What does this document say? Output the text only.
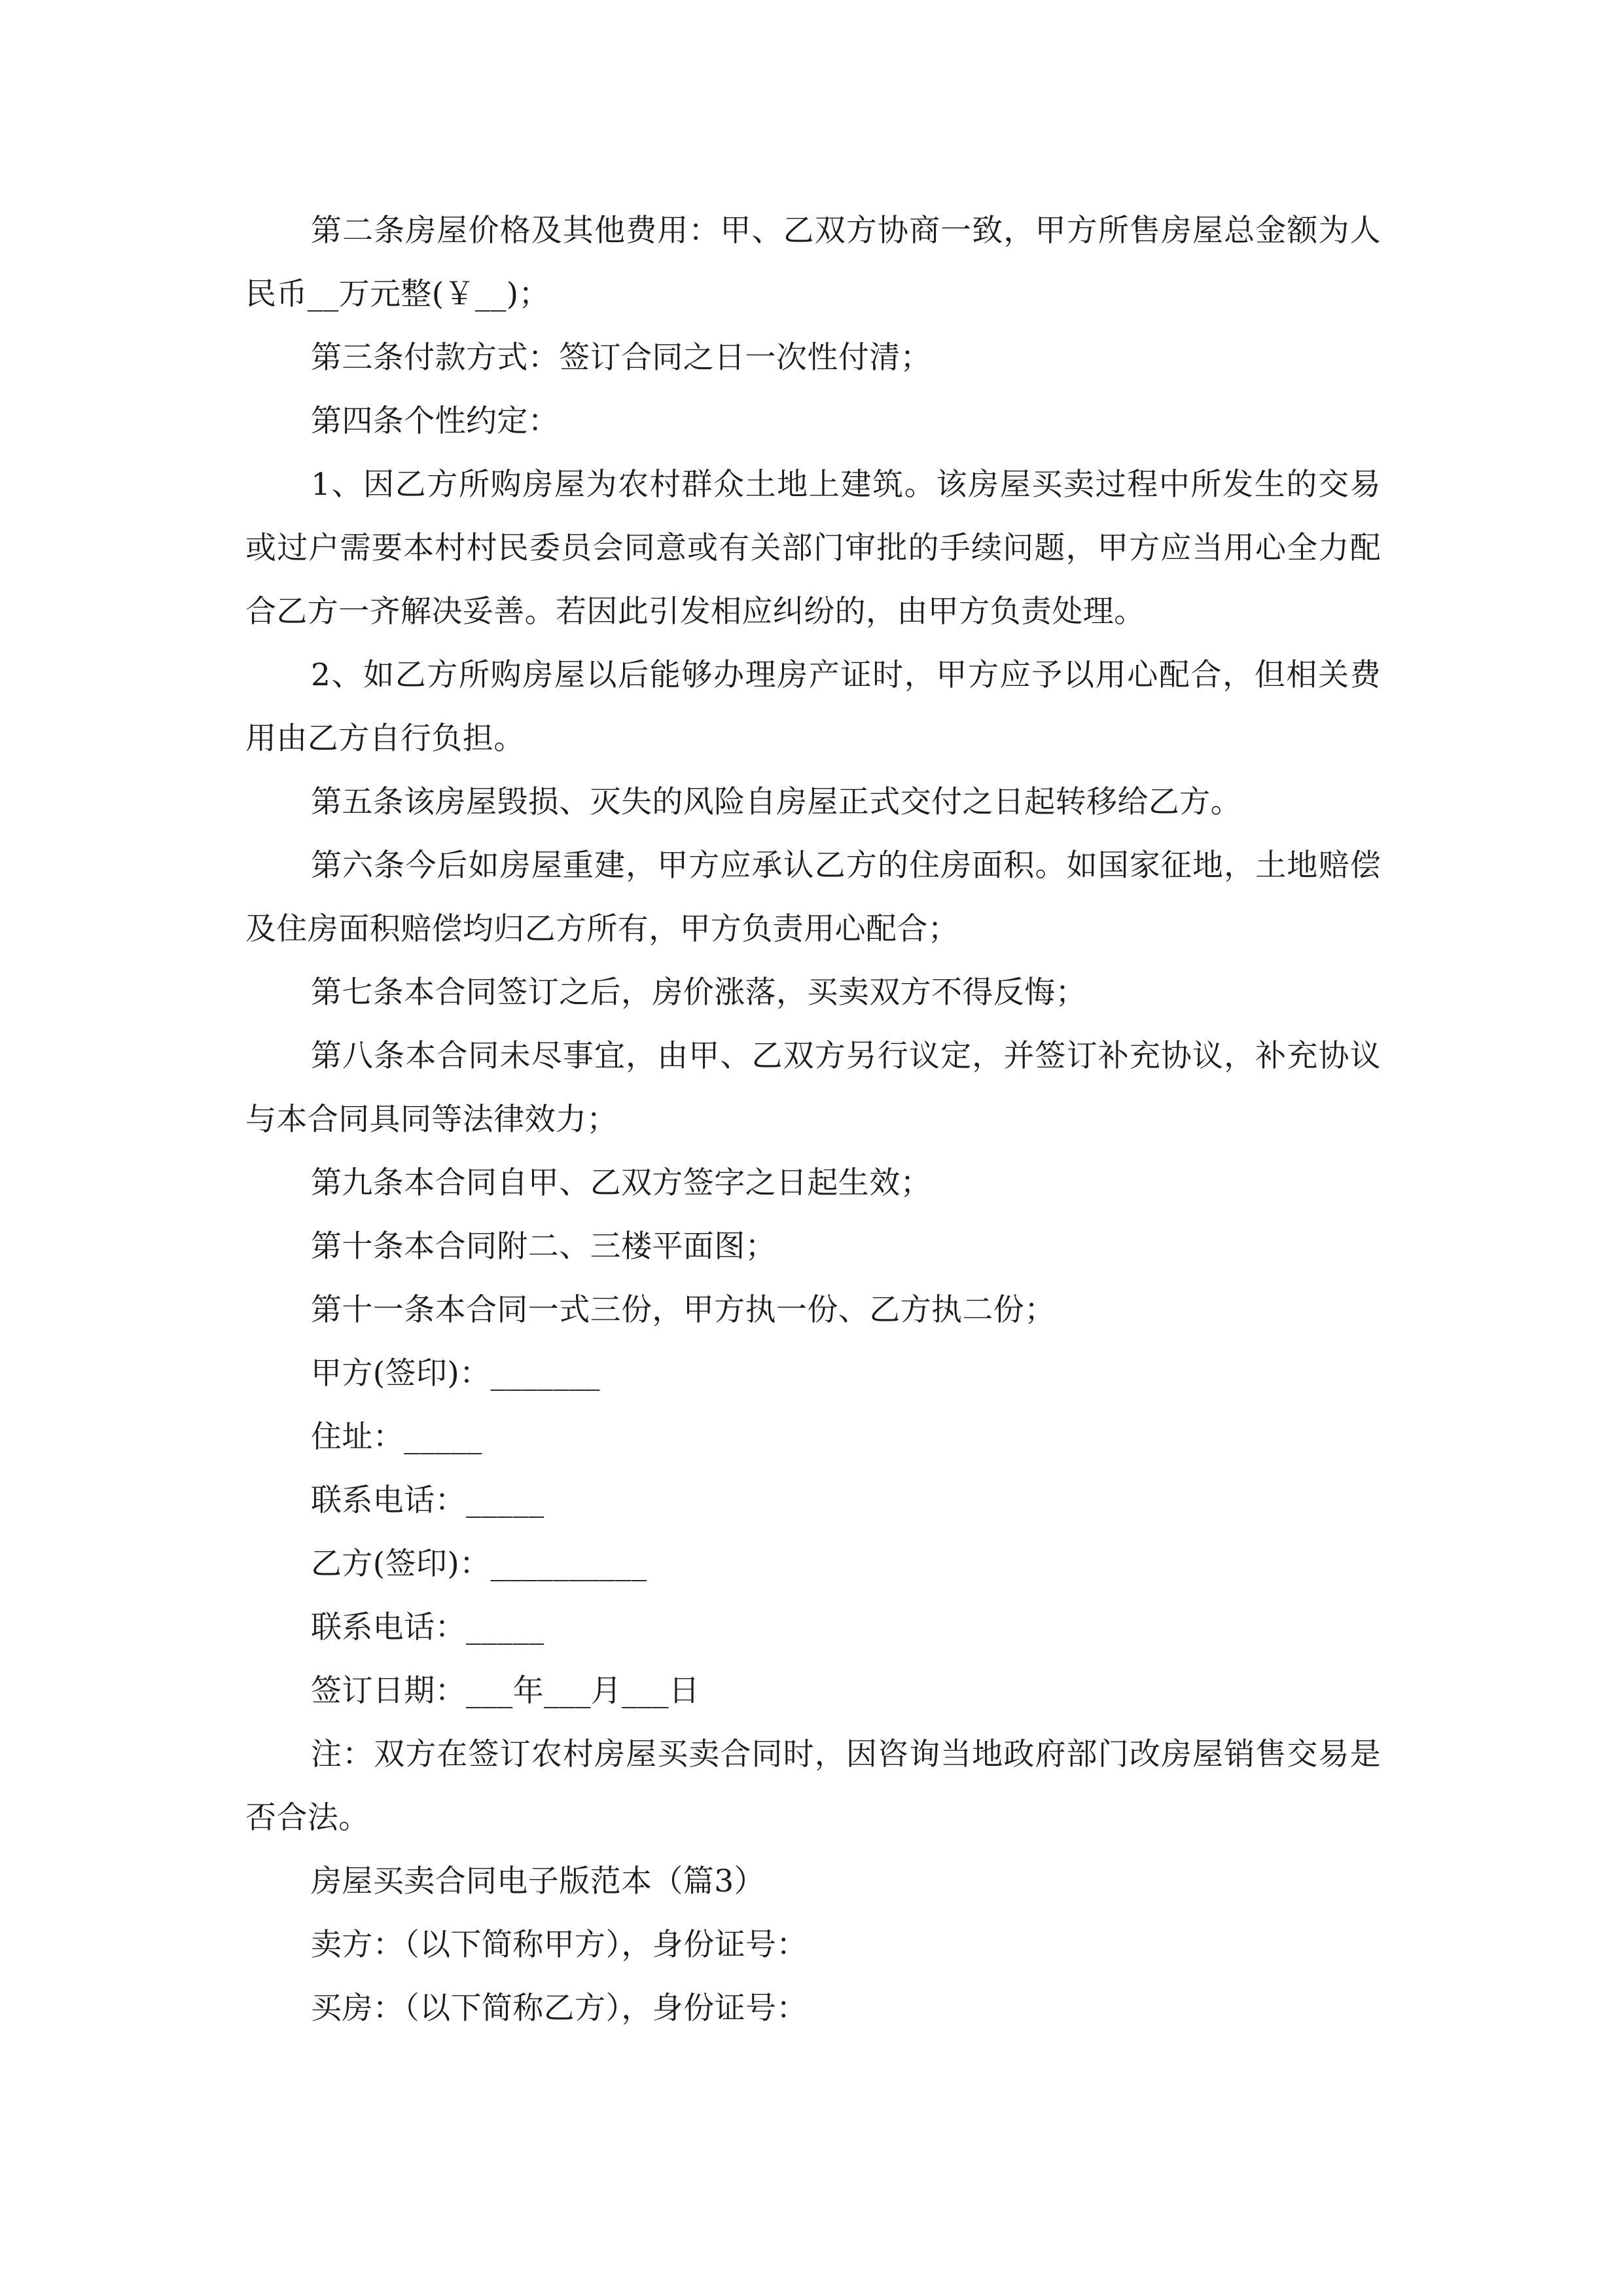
第二条房屋价格及其他费用：甲、乙双方协商一致，甲方所售房屋总金额为人民币__万元整(￥__)；

第三条付款方式：签订合同之日一次性付清；

第四条个性约定：

1、因乙方所购房屋为农村群众土地上建筑。该房屋买卖过程中所发生的交易或过户需要本村村民委员会同意或有关部门审批的手续问题，甲方应当用心全力配合乙方一齐解决妥善。若因此引发相应纠纷的，由甲方负责处理。

2、如乙方所购房屋以后能够办理房产证时，甲方应予以用心配合，但相关费用由乙方自行负担。

第五条该房屋毁损、灭失的风险自房屋正式交付之日起转移给乙方。

第六条今后如房屋重建，甲方应承认乙方的住房面积。如国家征地，土地赔偿及住房面积赔偿均归乙方所有，甲方负责用心配合；

第七条本合同签订之后，房价涨落，买卖双方不得反悔；

第八条本合同未尽事宜，由甲、乙双方另行议定，并签订补充协议，补充协议与本合同具同等法律效力；

第九条本合同自甲、乙双方签字之日起生效；

第十条本合同附二、三楼平面图；

第十一条本合同一式三份，甲方执一份、乙方执二份；

甲方(签印)：_______

住址：_____

联系电话：_____

乙方(签印)：__________

联系电话：_____

签订日期：___年___月___日

注：双方在签订农村房屋买卖合同时，因咨询当地政府部门改房屋销售交易是否合法。

房屋买卖合同电子版范本（篇3）

卖方：（以下简称甲方），身份证号：

买房：（以下简称乙方），身份证号：
